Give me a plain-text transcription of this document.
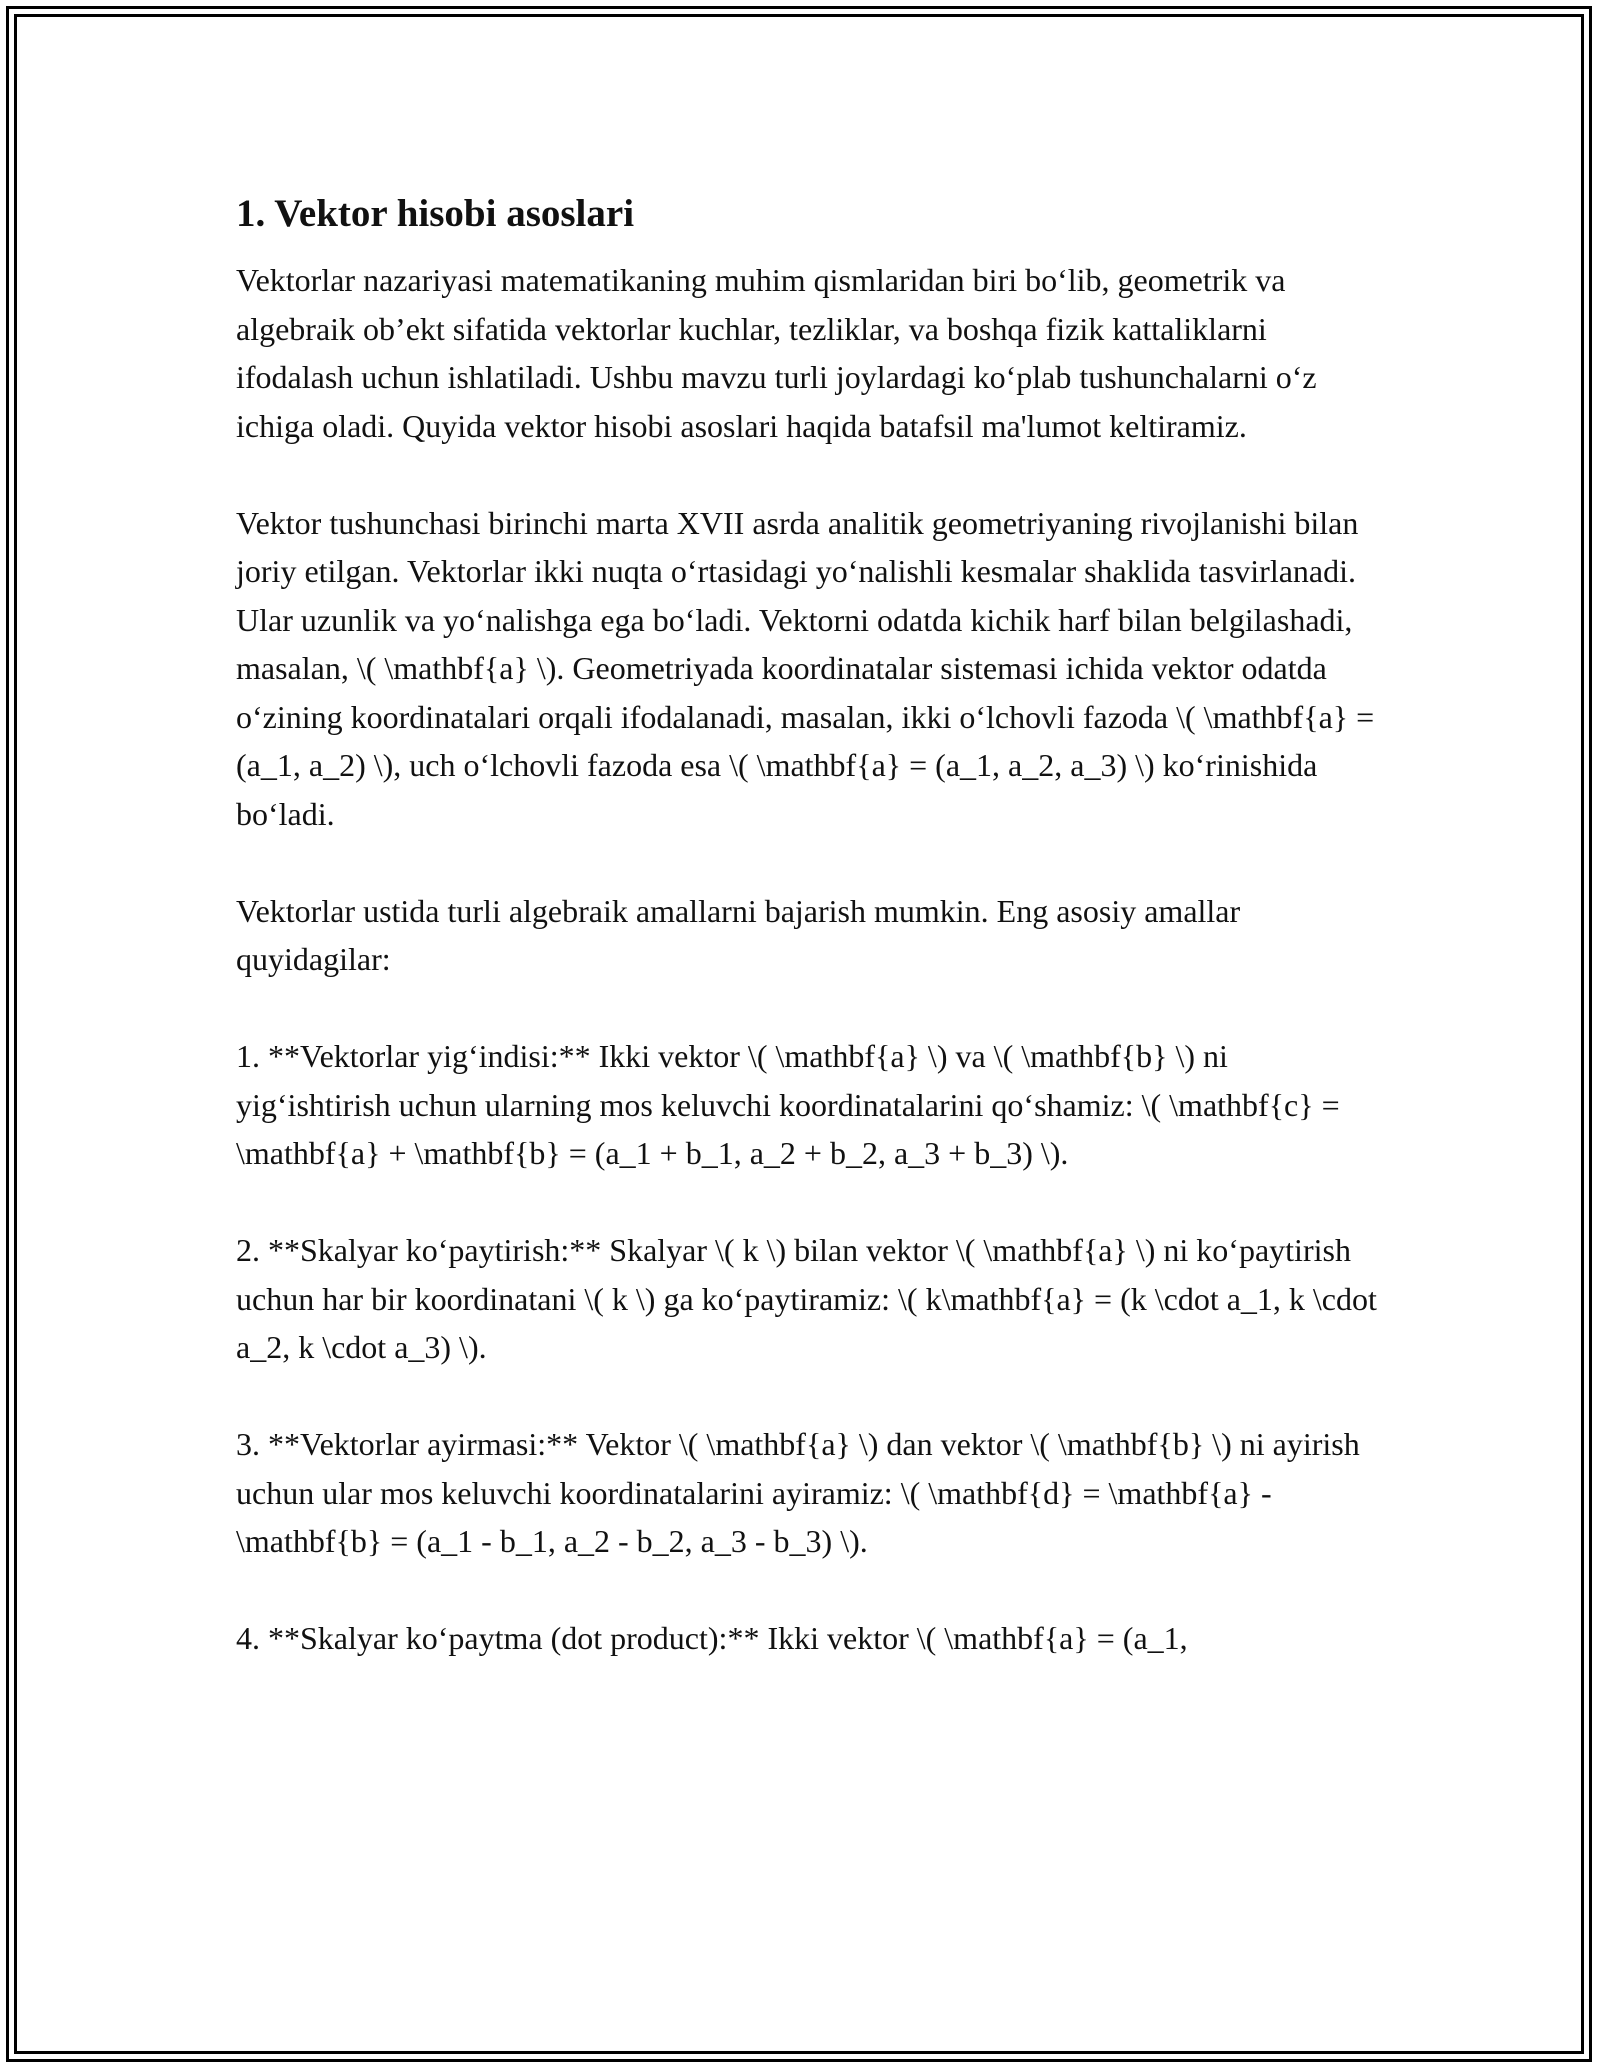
1. Vektor hisobi asoslari

Vektorlar nazariyasi matematikaning muhim qismlaridan biri bo‘lib, geometrik va algebraik ob’ekt sifatida vektorlar kuchlar, tezliklar, va boshqa fizik kattaliklarni ifodalash uchun ishlatiladi. Ushbu mavzu turli joylardagi ko‘plab tushunchalarni o‘z ichiga oladi. Quyida vektor hisobi asoslari haqida batafsil ma'lumot keltiramiz.

Vektor tushunchasi birinchi marta XVII asrda analitik geometriyaning rivojlanishi bilan joriy etilgan. Vektorlar ikki nuqta o‘rtasidagi yo‘nalishli kesmalar shaklida tasvirlanadi. Ular uzunlik va yo‘nalishga ega bo‘ladi. Vektorni odatda kichik harf bilan belgilashadi, masalan, \( \mathbf{a} \). Geometriyada koordinatalar sistemasi ichida vektor odatda o‘zining koordinatalari orqali ifodalanadi, masalan, ikki o‘lchovli fazoda \( \mathbf{a} = (a_1, a_2) \), uch o‘lchovli fazoda esa \( \mathbf{a} = (a_1, a_2, a_3) \) ko‘rinishida bo‘ladi.

Vektorlar ustida turli algebraik amallarni bajarish mumkin. Eng asosiy amallar quyidagilar:

1. **Vektorlar yig‘indisi:** Ikki vektor \( \mathbf{a} \) va \( \mathbf{b} \) ni yig‘ishtirish uchun ularning mos keluvchi koordinatalarini qo‘shamiz: \( \mathbf{c} = \mathbf{a} + \mathbf{b} = (a_1 + b_1, a_2 + b_2, a_3 + b_3) \).

2. **Skalyar ko‘paytirish:** Skalyar \( k \) bilan vektor \( \mathbf{a} \) ni ko‘paytirish uchun har bir koordinatani \( k \) ga ko‘paytiramiz: \( k\mathbf{a} = (k \cdot a_1, k \cdot a_2, k \cdot a_3) \).

3. **Vektorlar ayirmasi:** Vektor \( \mathbf{a} \) dan vektor \( \mathbf{b} \) ni ayirish uchun ular mos keluvchi koordinatalarini ayiramiz: \( \mathbf{d} = \mathbf{a} - \mathbf{b} = (a_1 - b_1, a_2 - b_2, a_3 - b_3) \).

4. **Skalyar ko‘paytma (dot product):** Ikki vektor \( \mathbf{a} = (a_1,
